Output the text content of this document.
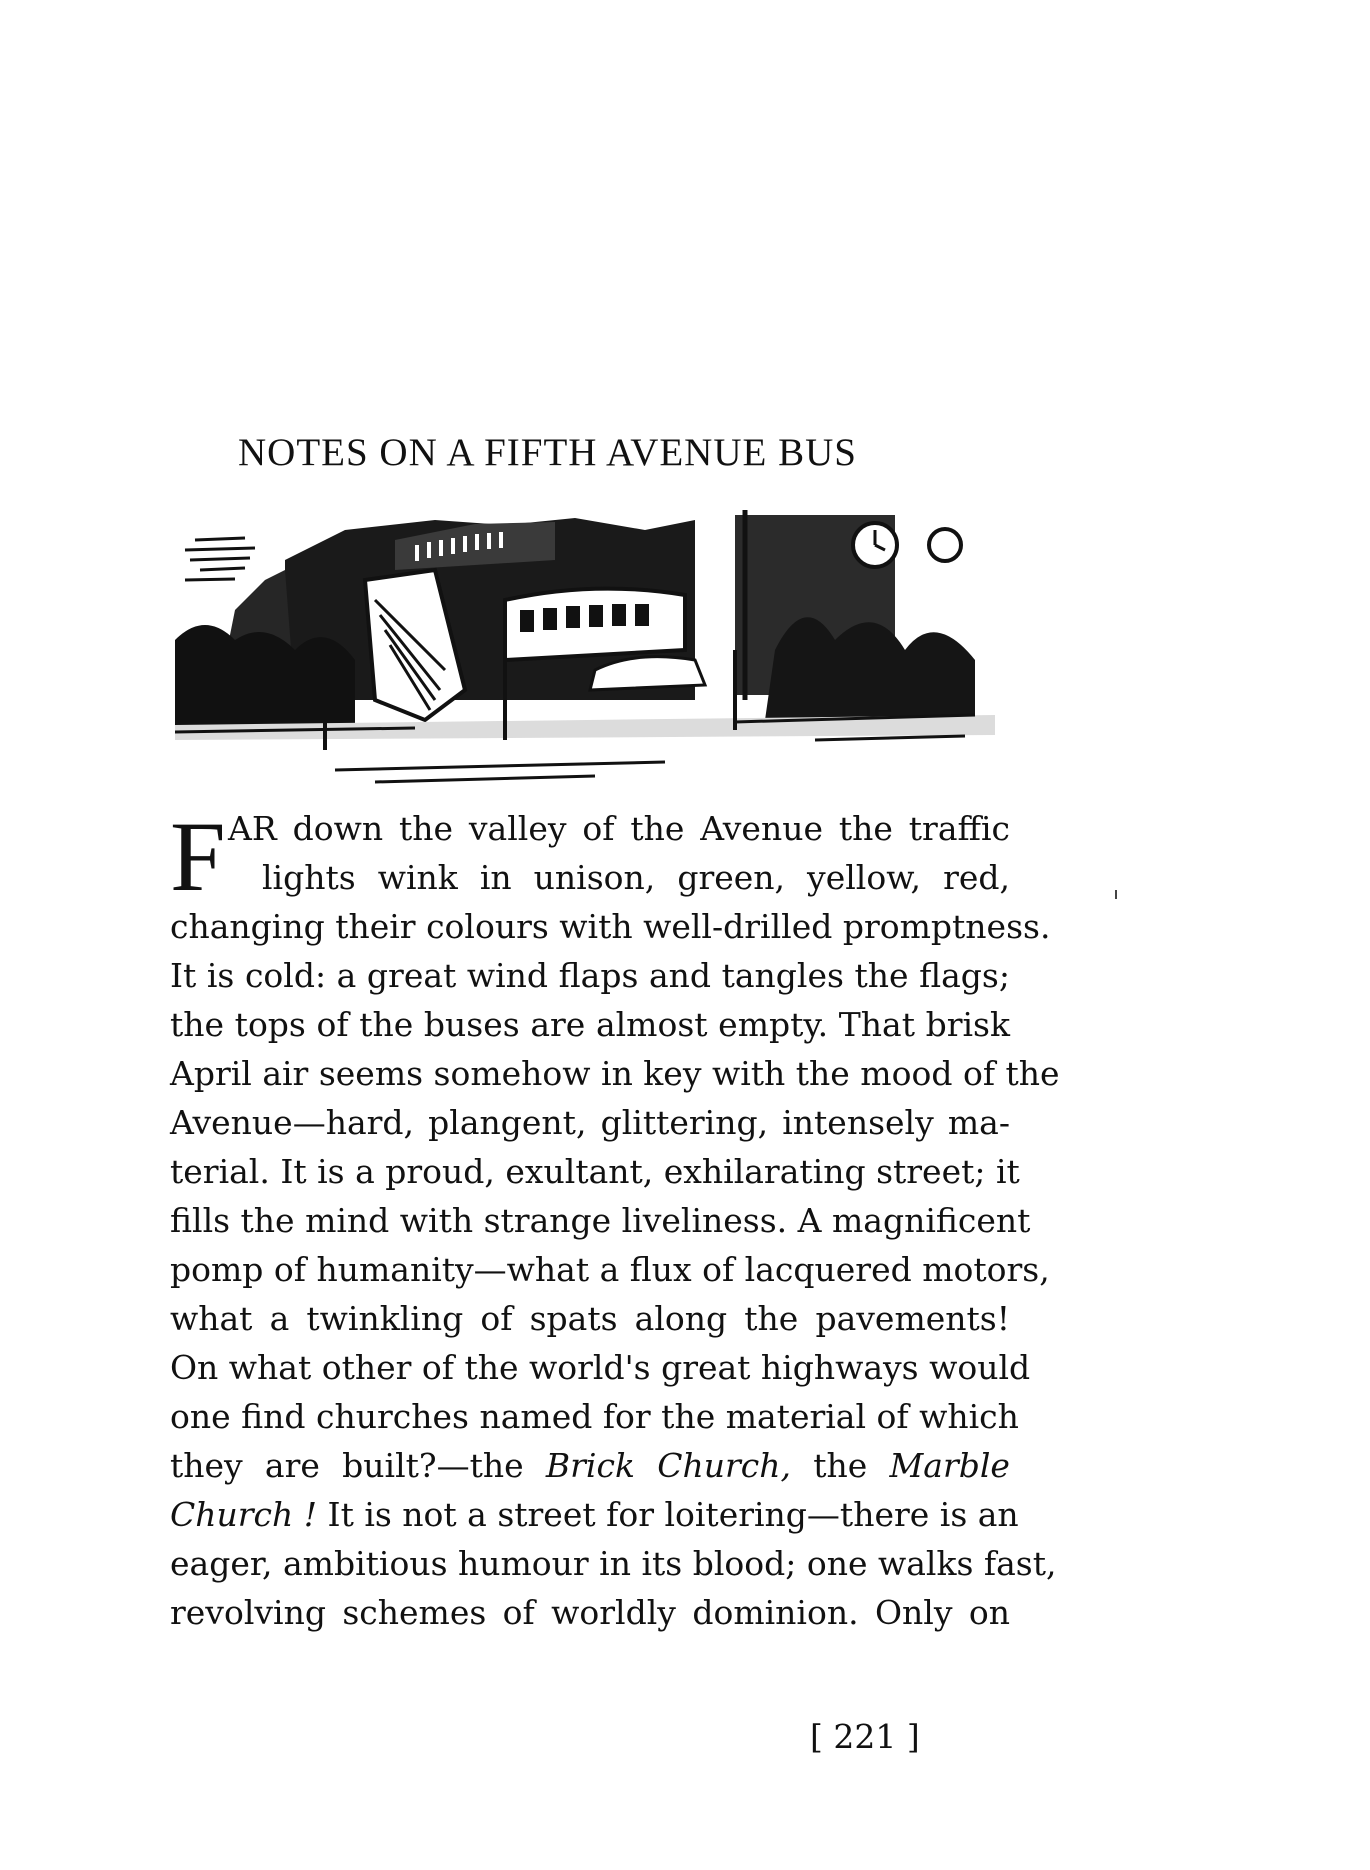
NOTES ON A FIFTH AVENUE BUS
F AR down the valley of the Avenue the traffic
lights wink in unison, green, yellow, red,
changing their colours with well-drilled promptness.
It is cold: a great wind flaps and tangles the flags;
the tops of the buses are almost empty. That brisk
April air seems somehow in key with the mood of the
Avenue—hard, plangent, glittering, intensely ma-
terial. It is a proud, exultant, exhilarating street; it
fills the mind with strange liveliness. A magnificent
pomp of humanity—what a flux of lacquered motors,
what a twinkling of spats along the pavements!
On what other of the world's great highways would
one find churches named for the material of which
they are built?—the Brick Church, the Marble
Church ! It is not a street for loitering—there is an
eager, ambitious humour in its blood; one walks fast,
revolving schemes of worldly dominion. Only on
[ 221 ]
